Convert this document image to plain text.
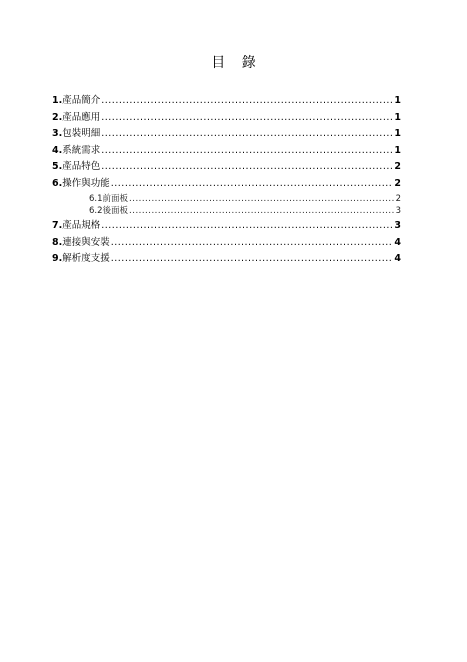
目 錄
1. 產品簡介 .....	1
2. 產品應用 .....	1
3. 包裝明細 .....	1
4. 系統需求 .....	1
5. 產品特色 .....	2
6. 操作與功能 .....	2
6.1 前面板 .....	2
6.2 後面板 .....	3
7. 產品規格 .....	3
8. 連接與安裝 .....	4
9. 解析度支援 .....	4
